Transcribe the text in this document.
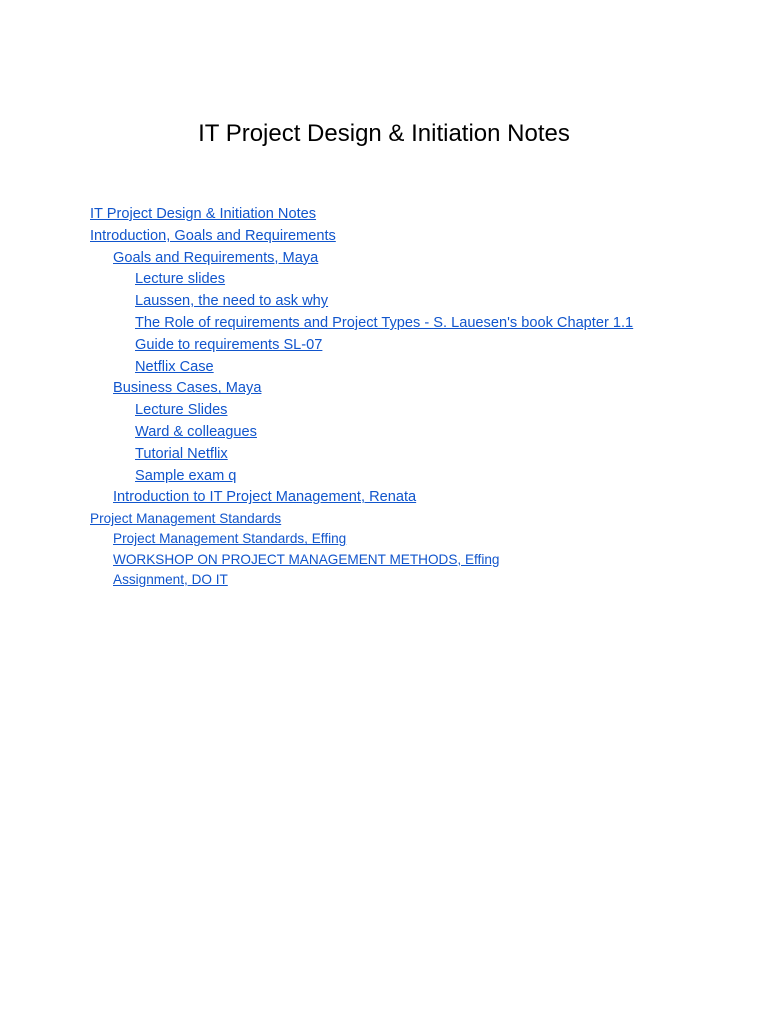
IT Project Design & Initiation Notes
IT Project Design & Initiation Notes
Introduction, Goals and Requirements
Goals and Requirements, Maya
Lecture slides
Laussen, the need to ask why
The Role of requirements and Project Types - S. Lauesen's book Chapter 1.1
Guide to requirements SL-07
Netflix Case
Business Cases, Maya
Lecture Slides
Ward & colleagues
Tutorial Netflix
Sample exam q
Introduction to IT Project Management, Renata
Project Management Standards
Project Management Standards, Effing
WORKSHOP ON PROJECT MANAGEMENT METHODS, Effing
Assignment, DO IT
